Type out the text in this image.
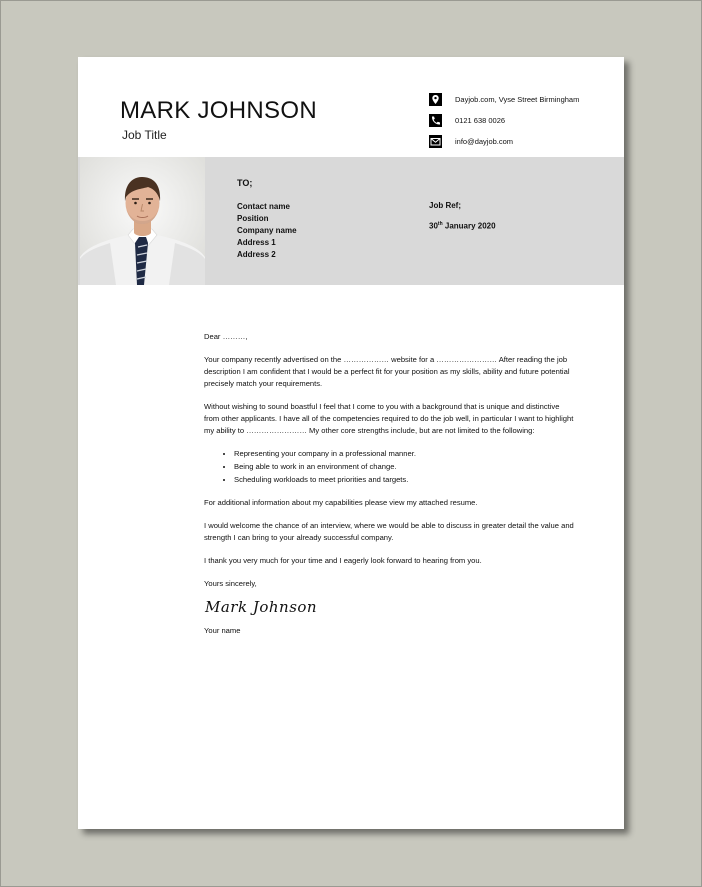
MARK JOHNSON
Job Title
Dayjob.com, Vyse Street Birmingham
0121 638 0026
info@dayjob.com
TO;
Contact name
Position
Company name
Address 1
Address 2
Job Ref;
30th January 2020

Dear ………,

Your company recently advertised on the ……………… website for a …………………… After reading the job description I am confident that I would be a perfect fit for your position as my skills, ability and future potential precisely match your requirements.

Without wishing to sound boastful I feel that I come to you with a background that is unique and distinctive from other applicants. I have all of the competencies required to do the job well, in particular I want to highlight my ability to …………………… My other core strengths include, but are not limited to the following:

• Representing your company in a professional manner.
• Being able to work in an environment of change.
• Scheduling workloads to meet priorities and targets.

For additional information about my capabilities please view my attached resume.

I would welcome the chance of an interview, where we would be able to discuss in greater detail the value and strength I can bring to your already successful company.

I thank you very much for your time and I eagerly look forward to hearing from you.

Yours sincerely,

Mark Johnson

Your name
